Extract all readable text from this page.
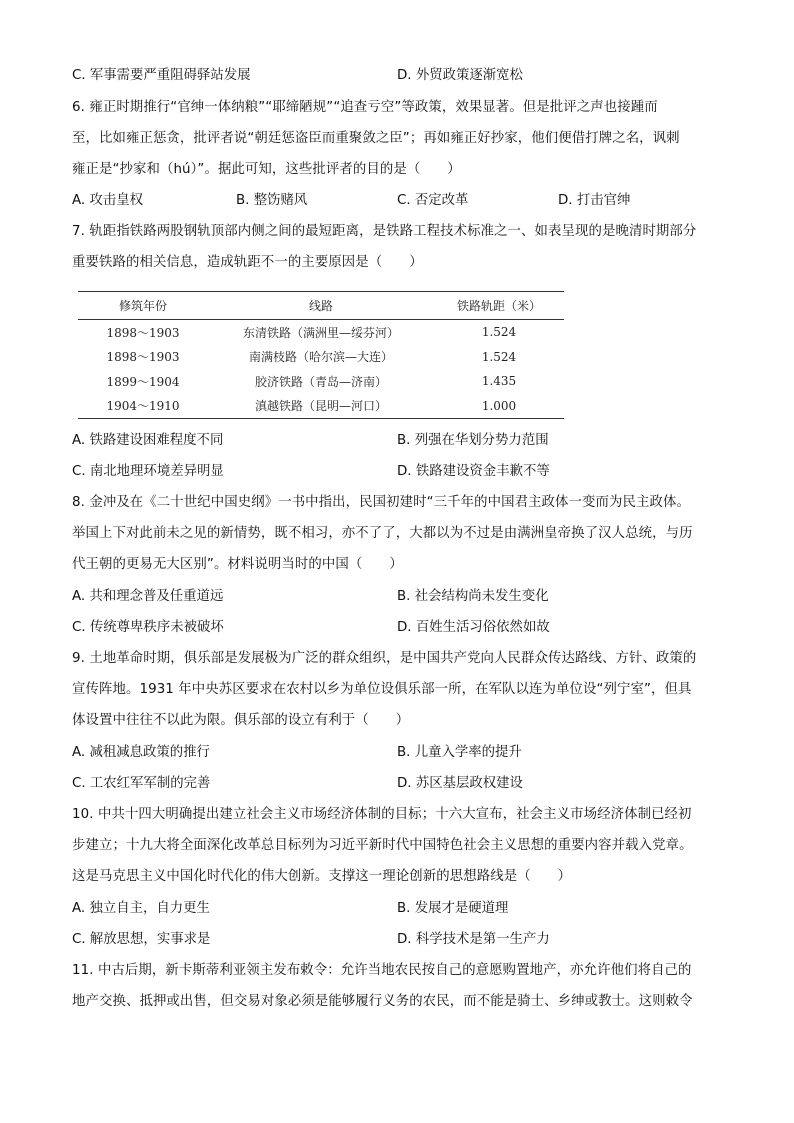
C. 军事需要严重阻碍驿站发展	D. 外贸政策逐渐宽松
6. 雍正时期推行“官绅一体纳粮”“耶缔陋规”“追查亏空”等政策，效果显著。但是批评之声也接踵而
至，比如雍正惩贪，批评者说“朝廷惩盗臣而重聚敛之臣”；再如雍正好抄家，他们便借打牌之名，讽刺
雍正是“抄家和（hú）”。据此可知，这些批评者的目的是（　　）
A. 攻击皇权	B. 整饬赌风	C. 否定改革	D. 打击官绅
7. 轨距指铁路两股钢轨顶部内侧之间的最短距离，是铁路工程技术标准之一、如表呈现的是晚清时期部分
重要铁路的相关信息，造成轨距不一的主要原因是（　　）
修筑年份	线路	铁路轨距（米）
1898～1903	东清铁路（满洲里—绥芬河）	1.524
1898～1903	南满枝路（哈尔滨—大连）	1.524
1899～1904	胶济铁路（青岛—济南）	1.435
1904～1910	滇越铁路（昆明—河口）	1.000
A. 铁路建设困难程度不同	B. 列强在华划分势力范围
C. 南北地理环境差异明显	D. 铁路建设资金丰歉不等
8. 金冲及在《二十世纪中国史纲》一书中指出，民国初建时“三千年的中国君主政体一变而为民主政体。
举国上下对此前未之见的新情势，既不相习，亦不了了，大都以为不过是由满洲皇帝换了汉人总统，与历
代王朝的更易无大区别”。材料说明当时的中国（　　）
A. 共和理念普及任重道远	B. 社会结构尚未发生变化
C. 传统尊卑秩序未被破坏	D. 百姓生活习俗依然如故
9. 土地革命时期，俱乐部是发展极为广泛的群众组织，是中国共产党向人民群众传达路线、方针、政策的
宣传阵地。1931 年中央苏区要求在农村以乡为单位设俱乐部一所，在军队以连为单位设“列宁室”，但具
体设置中往往不以此为限。俱乐部的设立有利于（　　）
A. 减租减息政策的推行	B. 儿童入学率的提升
C. 工农红军军制的完善	D. 苏区基层政权建设
10. 中共十四大明确提出建立社会主义市场经济体制的目标；十六大宣布，社会主义市场经济体制已经初
步建立；十九大将全面深化改革总目标列为习近平新时代中国特色社会主义思想的重要内容并载入党章。
这是马克思主义中国化时代化的伟大创新。支撑这一理论创新的思想路线是（　　）
A. 独立自主，自力更生	B. 发展才是硬道理
C. 解放思想，实事求是	D. 科学技术是第一生产力
11. 中古后期，新卡斯蒂利亚领主发布敕令：允许当地农民按自己的意愿购置地产，亦允许他们将自己的
地产交换、抵押或出售，但交易对象必须是能够履行义务的农民，而不能是骑士、乡绅或教士。这则敕令
